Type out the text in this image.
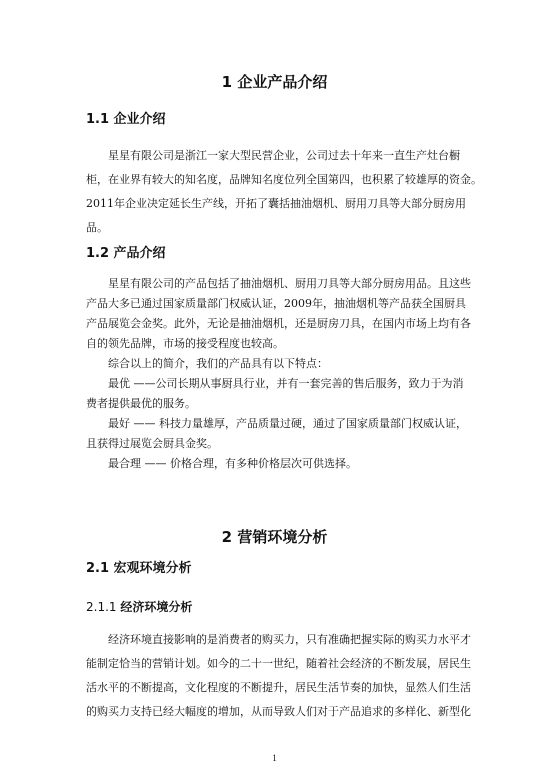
1 企业产品介绍
1.1 企业介绍
星星有限公司是浙江一家大型民营企业，公司过去十年来一直生产灶台橱
柜，在业界有较大的知名度，品牌知名度位列全国第四，也积累了较雄厚的资金。
2011年企业决定延长生产线，开拓了囊括抽油烟机、厨用刀具等大部分厨房用
品。
1.2 产品介绍
星星有限公司的产品包括了抽油烟机、厨用刀具等大部分厨房用品。且这些
产品大多已通过国家质量部门权威认证，2009年，抽油烟机等产品获全国厨具
产品展览会金奖。此外，无论是抽油烟机，还是厨房刀具，在国内市场上均有各
自的领先品牌，市场的接受程度也较高。
综合以上的简介，我们的产品具有以下特点：
最优 ——公司长期从事厨具行业，并有一套完善的售后服务，致力于为消
费者提供最优的服务。
最好 —— 科技力量雄厚，产品质量过硬，通过了国家质量部门权威认证，
且获得过展览会厨具金奖。
最合理 —— 价格合理，有多种价格层次可供选择。
2 营销环境分析
2.1 宏观环境分析
2.1.1 经济环境分析
经济环境直接影响的是消费者的购买力，只有准确把握实际的购买力水平才
能制定恰当的营销计划。如今的二十一世纪，随着社会经济的不断发展，居民生
活水平的不断提高，文化程度的不断提升，居民生活节奏的加快，显然人们生活
的购买力支持已经大幅度的增加，从而导致人们对于产品追求的多样化、新型化
1
